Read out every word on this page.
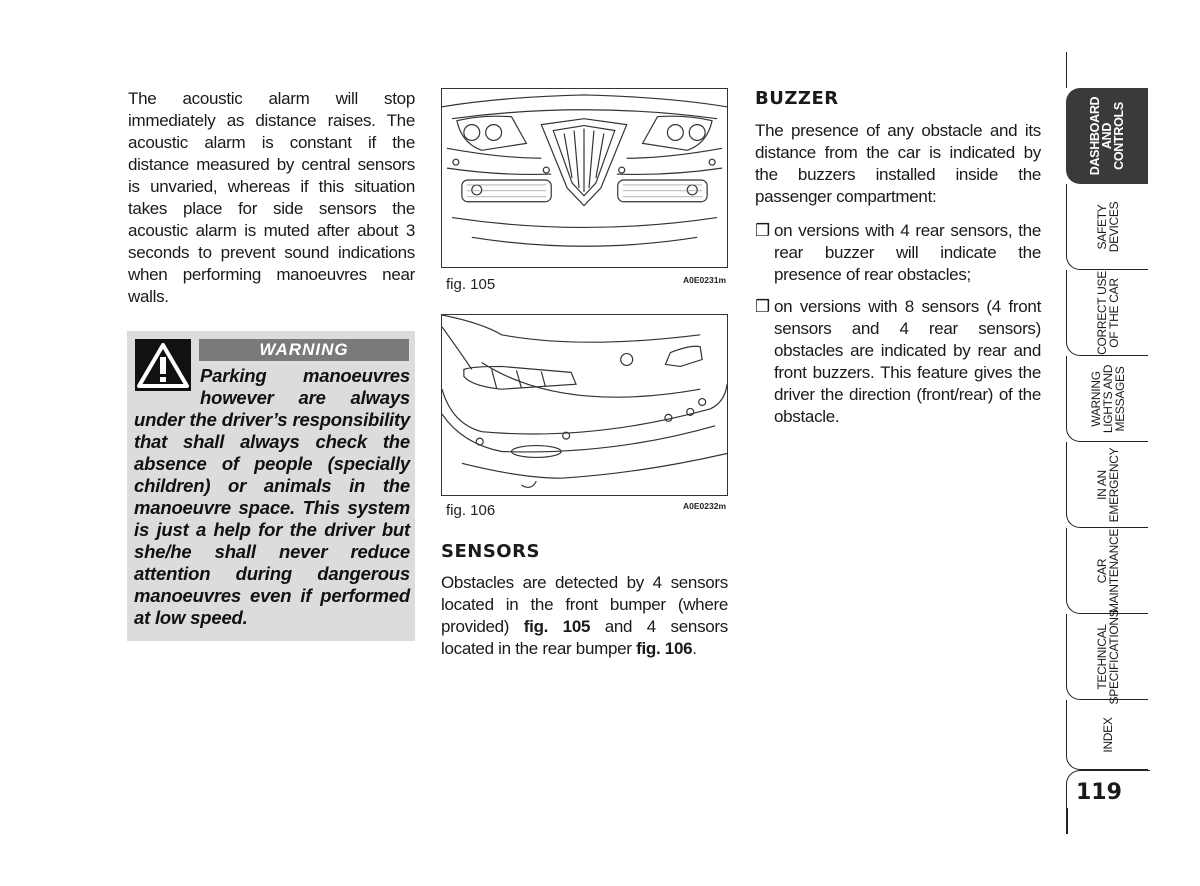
The acoustic alarm will stop immediately as distance raises. The acoustic alarm is constant if the distance measured by central sensors is unvaried, whereas if this situation takes place for side sensors the acoustic alarm is muted after about 3 seconds to prevent sound indications when performing manoeuvres near walls.
WARNING
Parking manoeuvres
however are always
under the driver’s responsibility that shall always check the absence of people (specially children) or animals in the manoeuvre space. This system is just a help for the driver but she/he shall never reduce attention during dangerous manoeuvres even if performed at low speed.
fig. 105	A0E0231m
fig. 106	A0E0232m
SENSORS
Obstacles are detected by 4 sensors located in the front bumper (where provided) fig. 105 and 4 sensors located in the rear bumper fig. 106.
BUZZER
The presence of any obstacle and its distance from the car is indicated by the buzzers installed inside the passenger compartment:
❒ on versions with 4 rear sensors, the rear buzzer will indicate the presence of rear obstacles;
❒ on versions with 8 sensors (4 front sensors and 4 rear sensors) obstacles are indicated by rear and front buzzers. This feature gives the driver the direction (front/rear) of the obstacle.
DASHBOARD
AND
CONTROLS
SAFETY
DEVICES
CORRECT USE
OF THE CAR
WARNING
LIGHTS AND
MESSAGES
IN AN
EMERGENCY
CAR
MAINTENANCE
TECHNICAL
SPECIFICATIONS
INDEX
119
